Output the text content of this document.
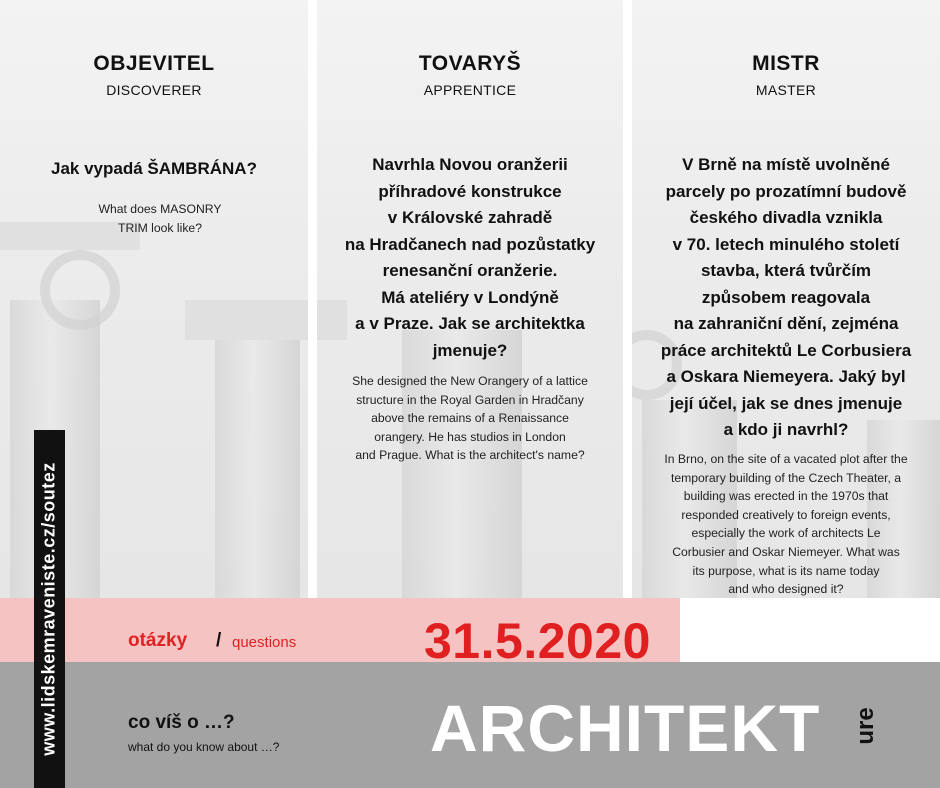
OBJEVITEL
DISCOVERER
Jak vypadá ŠAMBRÁNA?
What does MASONRY
TRIM look like?
TOVARYŠ
APPRENTICE
Navrhla Novou oranžerii
příhradové konstrukce
v Královské zahradě
na Hradčanech nad pozůstatky
renesanční oranžerie.
Má ateliéry v Londýně
a v Praze. Jak se architektka
jmenuje?
She designed the New Orangery of a lattice
structure in the Royal Garden in Hradčany
above the remains of a Renaissance
orangery. He has studios in London
and Prague. What is the architect's name?
MISTR
MASTER
V Brně na místě uvolněné
parcely po prozatímní budově
českého divadla vznikla
v 70. letech minulého století
stavba, která tvůrčím
způsobem reagovala
na zahraniční dění, zejména
práce architektů Le Corbusiera
a Oskara Niemeyera. Jaký byl
její účel, jak se dnes jmenuje
a kdo ji navrhl?
In Brno, on the site of a vacated plot after the
temporary building of the Czech Theater, a
building was erected in the 1970s that
responded creatively to foreign events,
especially the work of architects Le
Corbusier and Oskar Niemeyer. What was
its purpose, what is its name today
and who designed it?
otázky / questions	31.5.2020
co víš o …?
what do you know about …? ARCHITEKT ure
www.lidskemraveniste.cz/soutez
